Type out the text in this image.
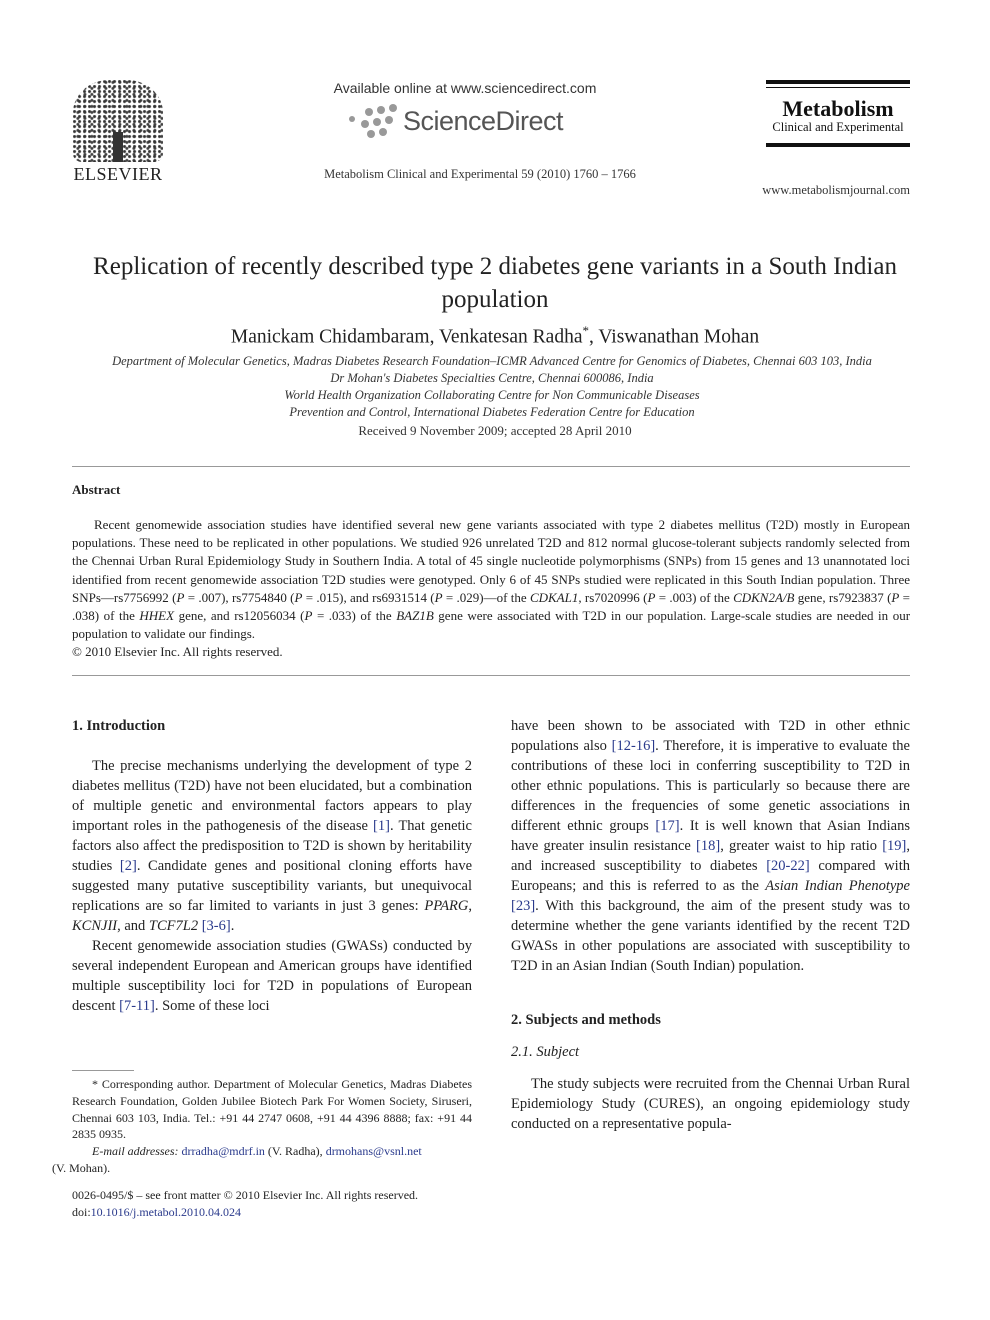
ELSEVIER
Available online at www.sciencedirect.com
ScienceDirect
Metabolism Clinical and Experimental 59 (2010) 1760 – 1766
Metabolism
Clinical and Experimental
www.metabolismjournal.com
Replication of recently described type 2 diabetes gene variants in a South Indian population
Manickam Chidambaram, Venkatesan Radha*, Viswanathan Mohan
Department of Molecular Genetics, Madras Diabetes Research Foundation–ICMR Advanced Centre for Genomics of Diabetes, Chennai 603 103, India
Dr Mohan's Diabetes Specialties Centre, Chennai 600086, India
World Health Organization Collaborating Centre for Non Communicable Diseases
Prevention and Control, International Diabetes Federation Centre for Education
Received 9 November 2009; accepted 28 April 2010
Abstract

Recent genomewide association studies have identified several new gene variants associated with type 2 diabetes mellitus (T2D) mostly in European populations. These need to be replicated in other populations. We studied 926 unrelated T2D and 812 normal glucose-tolerant subjects randomly selected from the Chennai Urban Rural Epidemiology Study in Southern India. A total of 45 single nucleotide polymorphisms (SNPs) from 15 genes and 13 unannotated loci identified from recent genomewide association T2D studies were genotyped. Only 6 of 45 SNPs studied were replicated in this South Indian population. Three SNPs—rs7756992 (P = .007), rs7754840 (P = .015), and rs6931514 (P = .029)—of the CDKAL1, rs7020996 (P = .003) of the CDKN2A/B gene, rs7923837 (P = .038) of the HHEX gene, and rs12056034 (P = .033) of the BAZ1B gene were associated with T2D in our population. Large-scale studies are needed in our population to validate our findings.

© 2010 Elsevier Inc. All rights reserved.
1. Introduction

The precise mechanisms underlying the development of type 2 diabetes mellitus (T2D) have not been elucidated, but a combination of multiple genetic and environmental factors appears to play important roles in the pathogenesis of the disease [1]. That genetic factors also affect the predisposition to T2D is shown by heritability studies [2]. Candidate genes and positional cloning efforts have suggested many putative susceptibility variants, but unequivocal replications are so far limited to variants in just 3 genes: PPARG, KCNJII, and TCF7L2 [3-6].

Recent genomewide association studies (GWASs) conducted by several independent European and American groups have identified multiple susceptibility loci for T2D in populations of European descent [7-11]. Some of these loci

* Corresponding author. Department of Molecular Genetics, Madras Diabetes Research Foundation, Golden Jubilee Biotech Park For Women Society, Siruseri, Chennai 603 103, India. Tel.: +91 44 2747 0608, +91 44 4396 8888; fax: +91 44 2835 0935.

E-mail addresses: drradha@mdrf.in (V. Radha), drmohans@vsnl.net
(V. Mohan).

0026-0495/$ – see front matter © 2010 Elsevier Inc. All rights reserved.
doi:10.1016/j.metabol.2010.04.024

have been shown to be associated with T2D in other ethnic populations also [12-16]. Therefore, it is imperative to evaluate the contributions of these loci in conferring susceptibility to T2D in other ethnic populations. This is particularly so because there are differences in the frequencies of some genetic associations in different ethnic groups [17]. It is well known that Asian Indians have greater insulin resistance [18], greater waist to hip ratio [19], and increased susceptibility to diabetes [20-22] compared with Europeans; and this is referred to as the Asian Indian Phenotype [23]. With this background, the aim of the present study was to determine whether the gene variants identified by the recent T2D GWASs in other populations are associated with susceptibility to T2D in an Asian Indian (South Indian) population.

2. Subjects and methods
2.1. Subject

The study subjects were recruited from the Chennai Urban Rural Epidemiology Study (CURES), an ongoing epidemiology study conducted on a representative popula-
